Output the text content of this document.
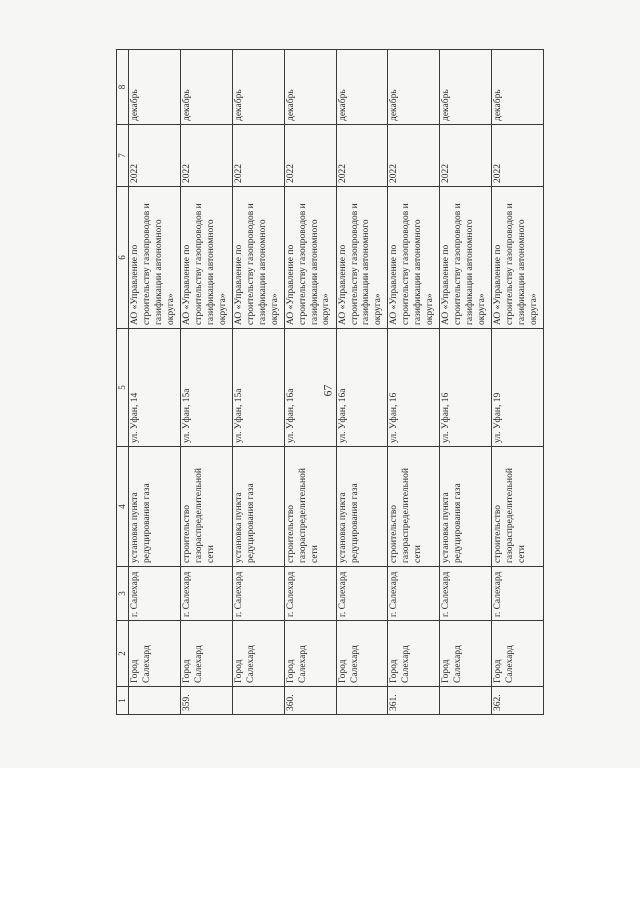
67
1	2	3	4	5	6	7	8
	Город Салехард	г. Салехард	установка пункта редуцирования газа	ул. Уфан, 14	АО «Управление по строительству газопроводов и газификации автономного округа»	2022	декабрь
359.	Город Салехард	г. Салехард	строительство газораспределительной сети	ул. Уфан, 15а	АО «Управление по строительству газопроводов и газификации автономного округа»	2022	декабрь
	Город Салехард	г. Салехард	установка пункта редуцирования газа	ул. Уфан, 15а	АО «Управление по строительству газопроводов и газификации автономного округа»	2022	декабрь
360.	Город Салехард	г. Салехард	строительство газораспределительной сети	ул. Уфан, 16а	АО «Управление по строительству газопроводов и газификации автономного округа»	2022	декабрь
	Город Салехард	г. Салехард	установка пункта редуцирования газа	ул. Уфан, 16а	АО «Управление по строительству газопроводов и газификации автономного округа»	2022	декабрь
361.	Город Салехард	г. Салехард	строительство газораспределительной сети	ул. Уфан, 16	АО «Управление по строительству газопроводов и газификации автономного округа»	2022	декабрь
	Город Салехард	г. Салехард	установка пункта редуцирования газа	ул. Уфан, 16	АО «Управление по строительству газопроводов и газификации автономного округа»	2022	декабрь
362.	Город Салехард	г. Салехард	строительство газораспределительной сети	ул. Уфан, 19	АО «Управление по строительству газопроводов и газификации автономного округа»	2022	декабрь
